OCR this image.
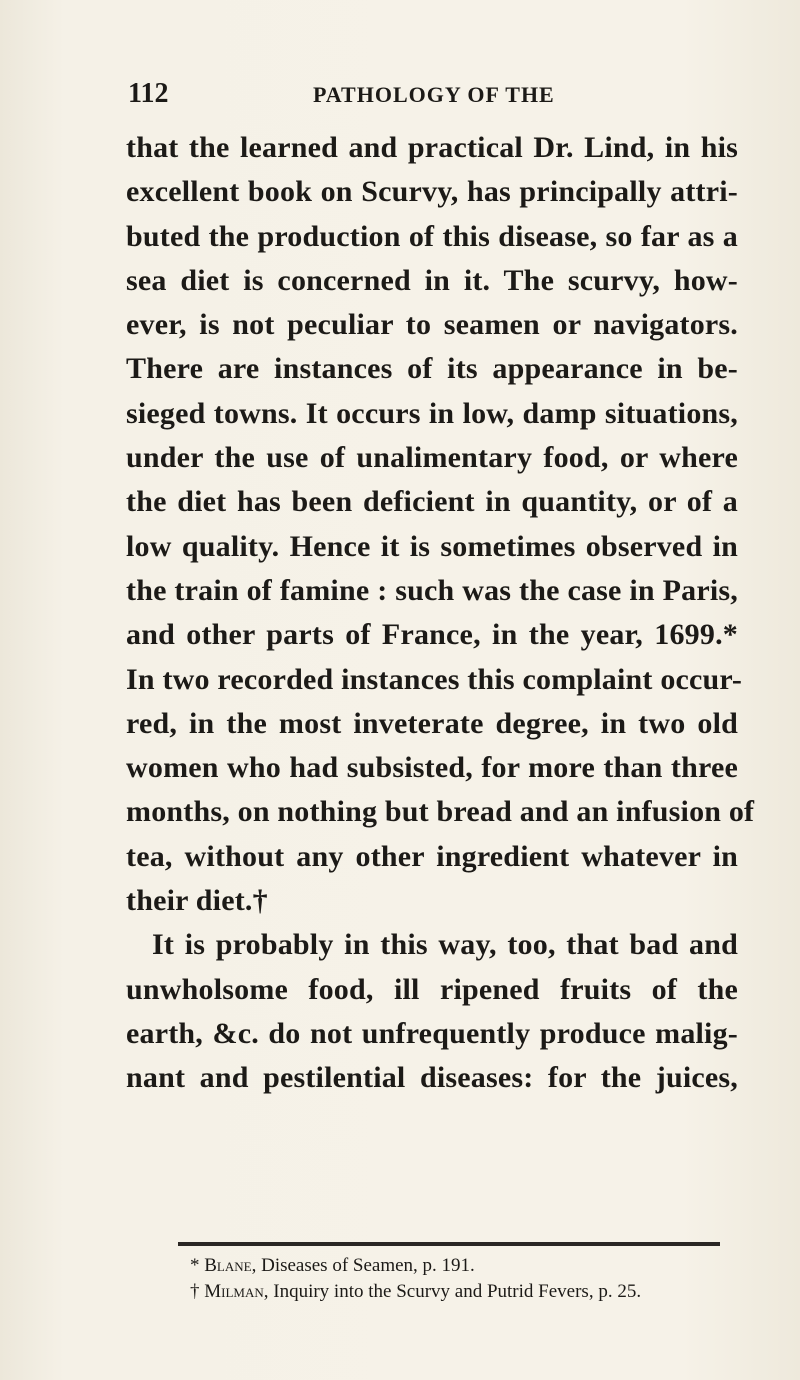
112	PATHOLOGY OF THE
that the learned and practical Dr. Lind, in his
excellent book on Scurvy, has principally attri-
buted the production of this disease, so far as a
sea diet is concerned in it. The scurvy, how-
ever, is not peculiar to seamen or navigators.
There are instances of its appearance in be-
sieged towns. It occurs in low, damp situations,
under the use of unalimentary food, or where
the diet has been deficient in quantity, or of a
low quality. Hence it is sometimes observed in
the train of famine : such was the case in Paris,
and other parts of France, in the year, 1699.*
In two recorded instances this complaint occur-
red, in the most inveterate degree, in two old
women who had subsisted, for more than three
months, on nothing but bread and an infusion of
tea, without any other ingredient whatever in
their diet.†
It is probably in this way, too, that bad and
unwholsome food, ill ripened fruits of the
earth, &c. do not unfrequently produce malig-
nant and pestilential diseases: for the juices,
* Blane, Diseases of Seamen, p. 191.
† Milman, Inquiry into the Scurvy and Putrid Fevers, p. 25.
